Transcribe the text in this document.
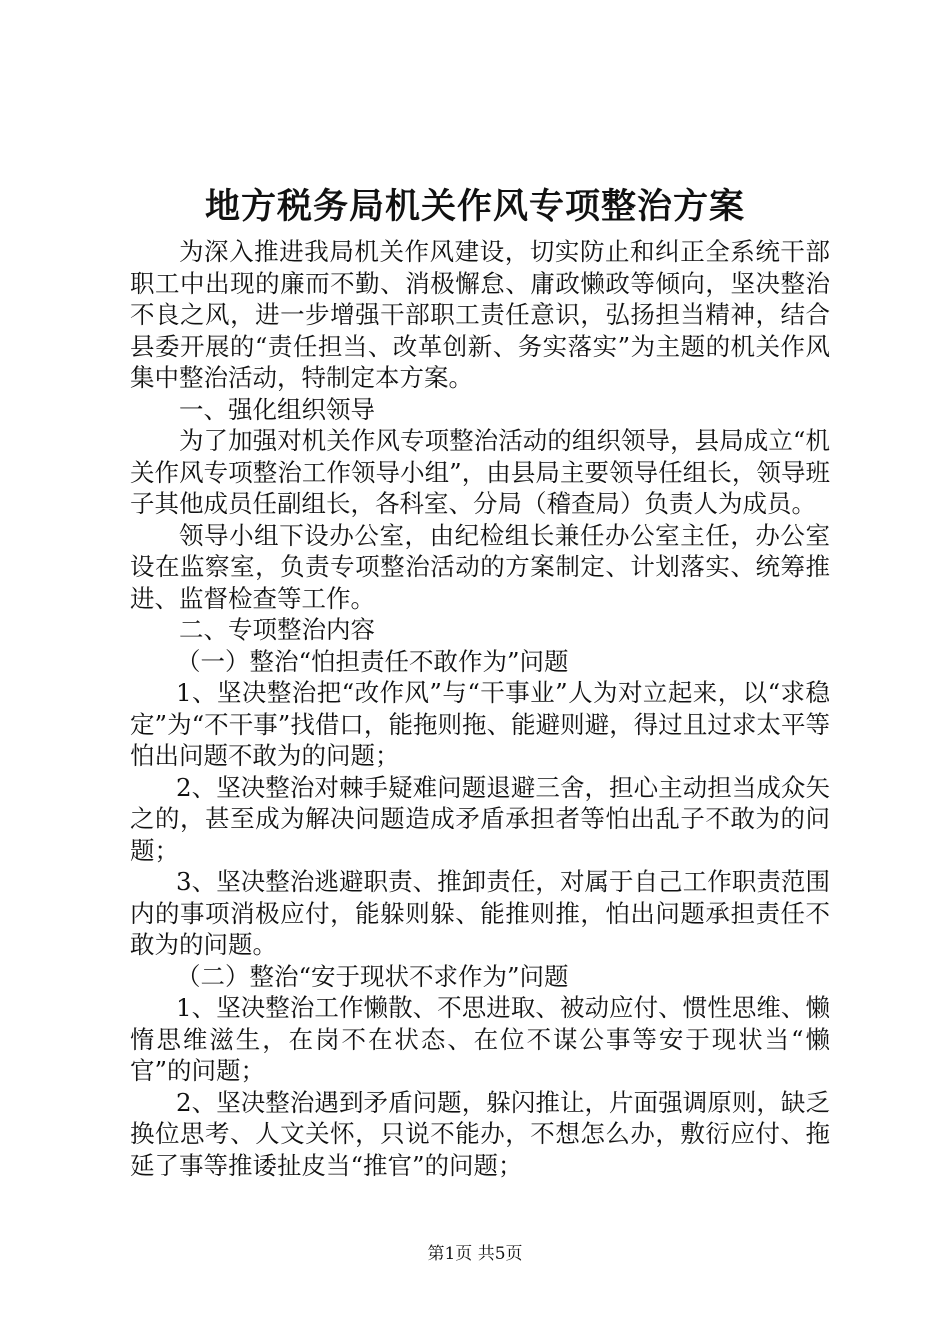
地方税务局机关作风专项整治方案

为深入推进我局机关作风建设，切实防止和纠正全系统干部职工中出现的廉而不勤、消极懈怠、庸政懒政等倾向，坚决整治不良之风，进一步增强干部职工责任意识，弘扬担当精神，结合县委开展的“责任担当、改革创新、务实落实”为主题的机关作风集中整治活动，特制定本方案。

一、强化组织领导

为了加强对机关作风专项整治活动的组织领导，县局成立“机关作风专项整治工作领导小组”，由县局主要领导任组长，领导班子其他成员任副组长，各科室、分局（稽查局）负责人为成员。

领导小组下设办公室，由纪检组长兼任办公室主任，办公室设在监察室，负责专项整治活动的方案制定、计划落实、统筹推进、监督检查等工作。

二、专项整治内容

（一）整治“怕担责任不敢作为”问题

1、坚决整治把“改作风”与“干事业”人为对立起来，以“求稳定”为“不干事”找借口，能拖则拖、能避则避，得过且过求太平等怕出问题不敢为的问题；

2、坚决整治对棘手疑难问题退避三舍，担心主动担当成众矢之的，甚至成为解决问题造成矛盾承担者等怕出乱子不敢为的问题；

3、坚决整治逃避职责、推卸责任，对属于自己工作职责范围内的事项消极应付，能躲则躲、能推则推，怕出问题承担责任不敢为的问题。

（二）整治“安于现状不求作为”问题

1、坚决整治工作懒散、不思进取、被动应付、惯性思维、懒惰思维滋生，在岗不在状态、在位不谋公事等安于现状当“懒官”的问题；

2、坚决整治遇到矛盾问题，躲闪推让，片面强调原则，缺乏换位思考、人文关怀，只说不能办，不想怎么办，敷衍应付、拖延了事等推诿扯皮当“推官”的问题；

第1页 共5页
